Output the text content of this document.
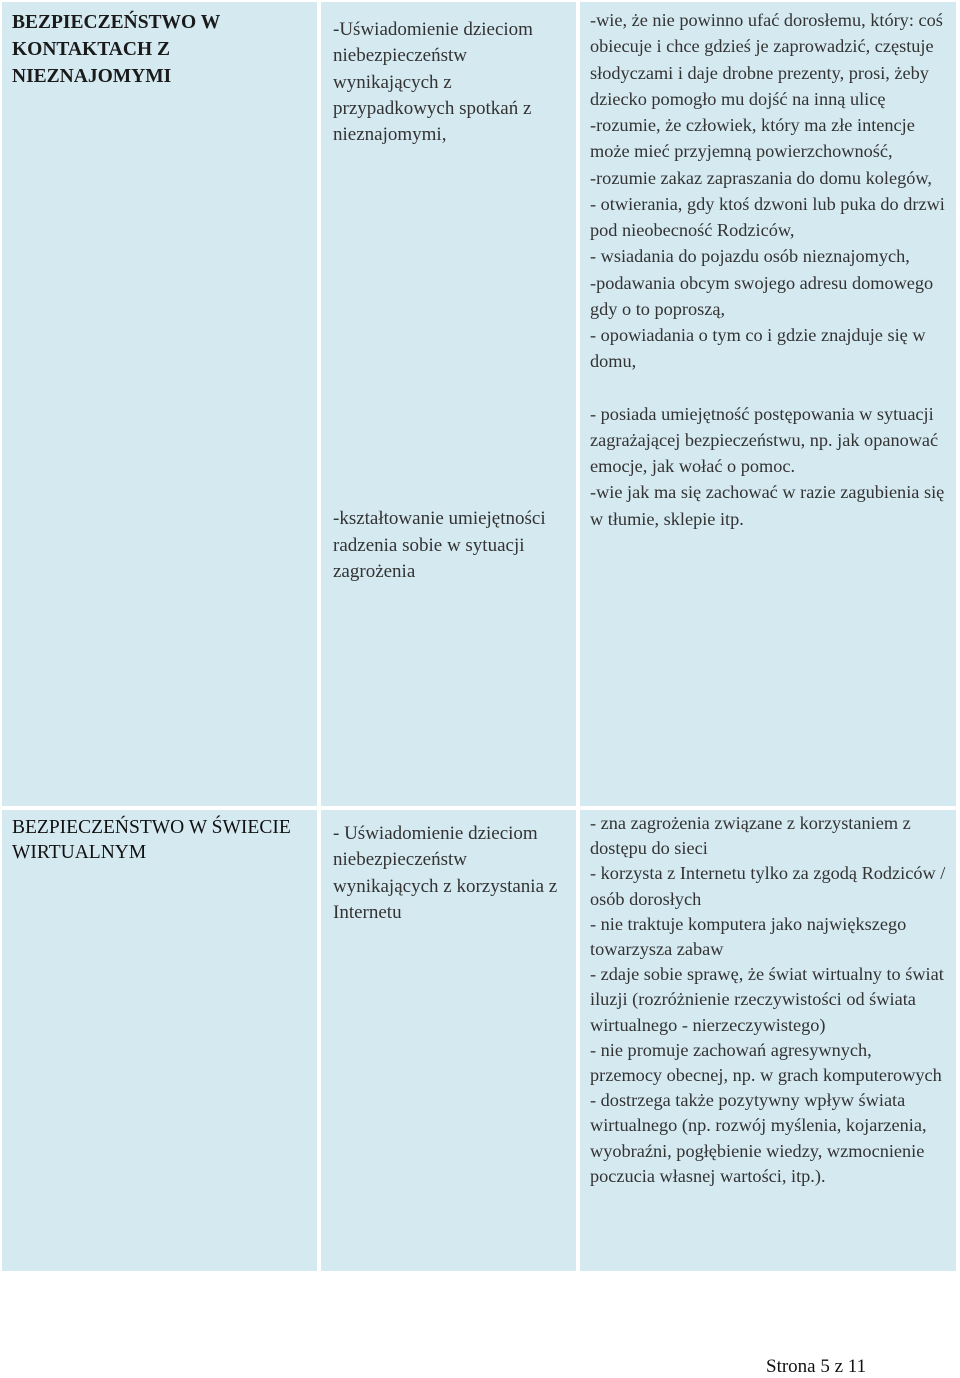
BEZPIECZEŃSTWO W KONTAKTACH Z NIEZNAJOMYMI

-Uświadomienie dzieciom niebezpieczeństw wynikających z przypadkowych spotkań z nieznajomymi,

-kształtowanie umiejętności radzenia sobie w sytuacji zagrożenia

-wie, że nie powinno ufać dorosłemu, który: coś obiecuje i chce gdzieś je zaprowadzić, częstuje słodyczami i daje drobne prezenty, prosi, żeby dziecko pomogło mu dojść na inną ulicę

-rozumie, że człowiek, który ma złe intencje może mieć przyjemną powierzchowność,

-rozumie zakaz zapraszania do domu kolegów,

- otwierania, gdy ktoś dzwoni lub puka do drzwi pod nieobecność Rodziców,

- wsiadania do pojazdu osób nieznajomych,

-podawania obcym swojego adresu domowego gdy o to poproszą,

- opowiadania o tym co i gdzie znajduje się w domu,

- posiada umiejętność postępowania w sytuacji zagrażającej bezpieczeństwu, np. jak opanować emocje, jak wołać o pomoc.

-wie jak ma się zachować w razie zagubienia się w tłumie, sklepie itp.

BEZPIECZEŃSTWO W ŚWIECIE WIRTUALNYM

- Uświadomienie dzieciom niebezpieczeństw wynikających z korzystania z Internetu

- zna zagrożenia związane z korzystaniem z dostępu do sieci

- korzysta z Internetu tylko za zgodą Rodziców / osób dorosłych

- nie traktuje komputera jako największego towarzysza zabaw

- zdaje sobie sprawę, że świat wirtualny to świat iluzji (rozróżnienie rzeczywistości od świata wirtualnego - nierzeczywistego)

- nie promuje zachowań agresywnych, przemocy obecnej, np. w grach komputerowych

- dostrzega także pozytywny wpływ świata wirtualnego (np. rozwój myślenia, kojarzenia, wyobraźni, pogłębienie wiedzy, wzmocnienie poczucia własnej wartości, itp.).

Strona 5 z 11
